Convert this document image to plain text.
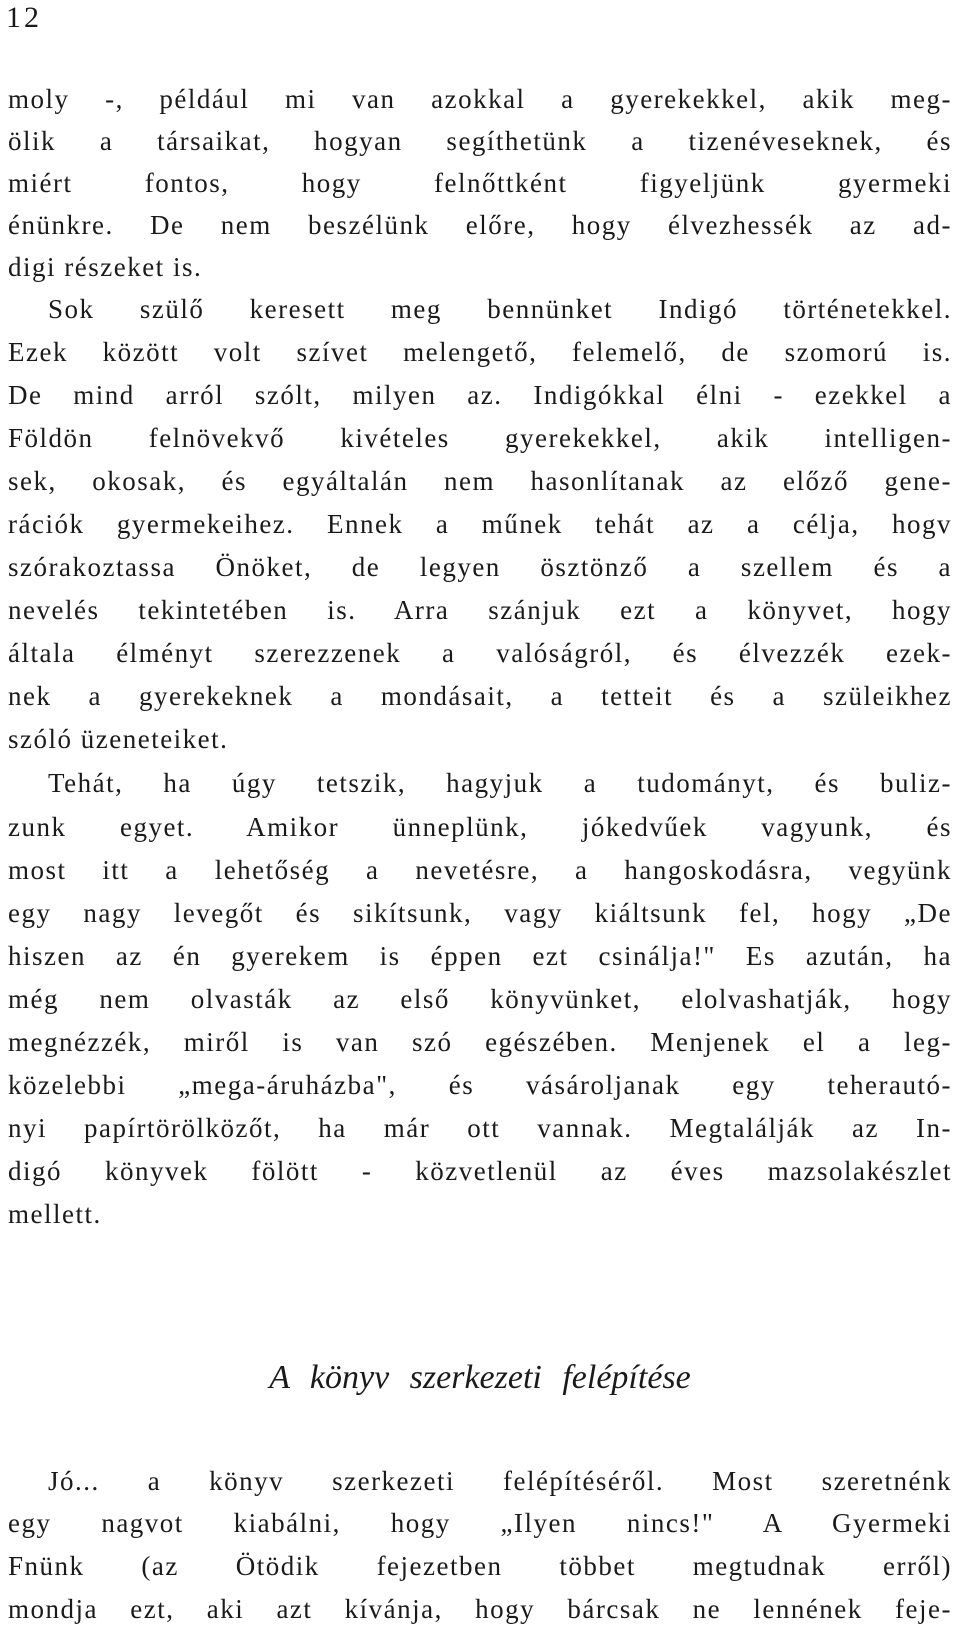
12
moly -, például mi van azokkal a gyerekekkel, akik meg-
ölik a társaikat, hogyan segíthetünk a tizenéveseknek, és
miért fontos, hogy felnőttként figyeljünk gyermeki
énünkre. De nem beszélünk előre, hogy élvezhessék az ad-
digi részeket is.
Sok szülő keresett meg bennünket Indigó történetekkel.
Ezek között volt szívet melengető, felemelő, de szomorú is.
De mind arról szólt, milyen az. Indigókkal élni - ezekkel a
Földön felnövekvő kivételes gyerekekkel, akik intelligen-
sek, okosak, és egyáltalán nem hasonlítanak az előző gene-
rációk gyermekeihez. Ennek a műnek tehát az a célja, hogv
szórakoztassa Önöket, de legyen ösztönző a szellem és a
nevelés tekintetében is. Arra szánjuk ezt a könyvet, hogy
általa élményt szerezzenek a valóságról, és élvezzék ezek-
nek a gyerekeknek a mondásait, a tetteit és a szüleikhez
szóló üzeneteiket.
Tehát, ha úgy tetszik, hagyjuk a tudományt, és buliz-
zunk egyet. Amikor ünneplünk, jókedvűek vagyunk, és
most itt a lehetőség a nevetésre, a hangoskodásra, vegyünk
egy nagy levegőt és sikítsunk, vagy kiáltsunk fel, hogy „De
hiszen az én gyerekem is éppen ezt csinálja!" Es azután, ha
még nem olvasták az első könyvünket, elolvashatják, hogy
megnézzék, miről is van szó egészében. Menjenek el a leg-
közelebbi „mega-áruházba", és vásároljanak egy teherautó-
nyi papírtörölközőt, ha már ott vannak. Megtalálják az In-
digó könyvek fölött - közvetlenül az éves mazsolakészlet
mellett.
A könyv szerkezeti felépítése
Jó... a könyv szerkezeti felépítéséről. Most szeretnénk
egy nagvot kiabálni, hogy „Ilyen nincs!" A Gyermeki
Fnünk (az Ötödik fejezetben többet megtudnak erről)
mondja ezt, aki azt kívánja, hogy bárcsak ne lennének feje-
